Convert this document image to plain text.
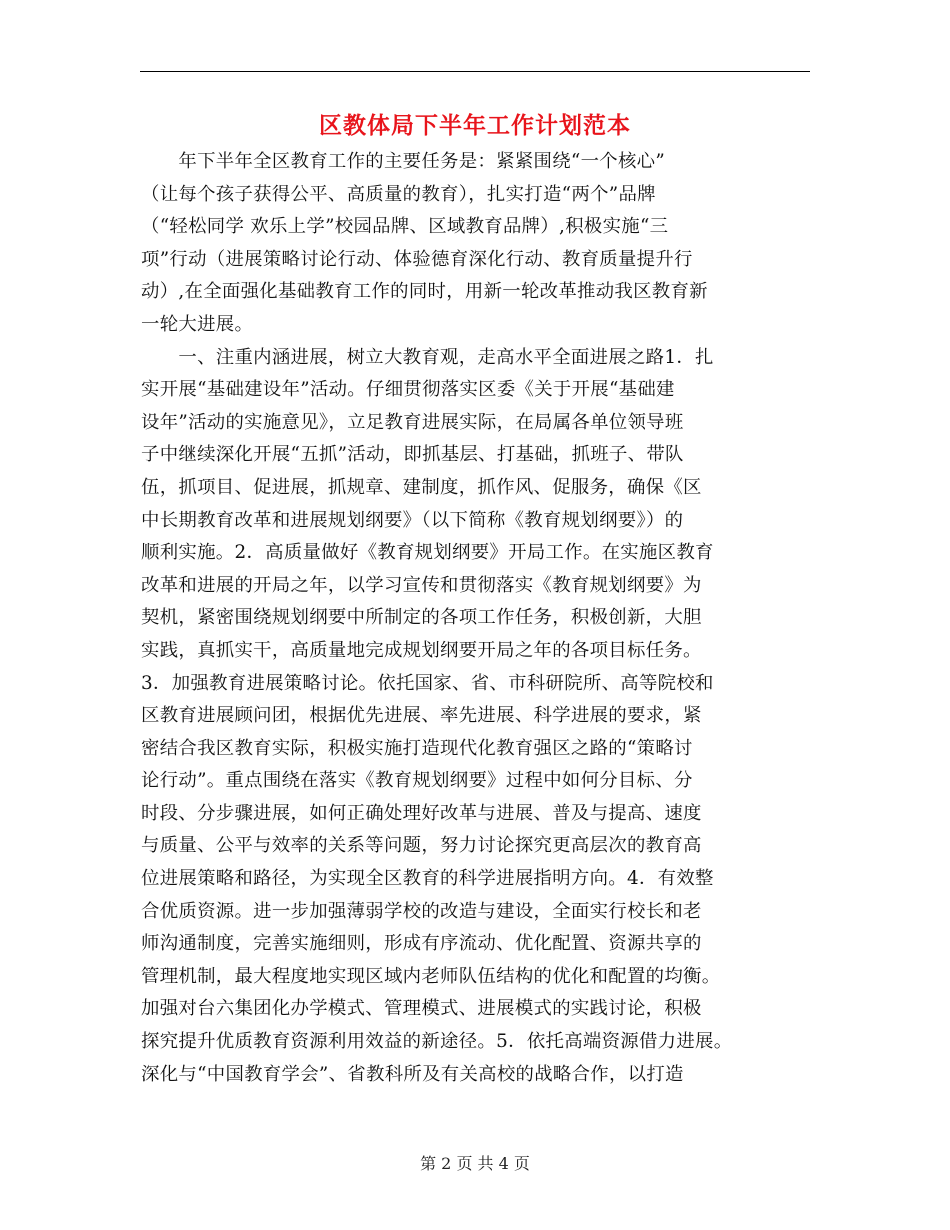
区教体局下半年工作计划范本
　　年下半年全区教育工作的主要任务是：紧紧围绕“一个核心”
（让每个孩子获得公平、高质量的教育），扎实打造“两个”品牌
（“轻松同学 欢乐上学”校园品牌、区域教育品牌）,积极实施“三
项”行动（进展策略讨论行动、体验德育深化行动、教育质量提升行
动）,在全面强化基础教育工作的同时，用新一轮改革推动我区教育新
一轮大进展。
　　一、注重内涵进展，树立大教育观，走高水平全面进展之路1．扎
实开展“基础建设年”活动。仔细贯彻落实区委《关于开展“基础建
设年”活动的实施意见》，立足教育进展实际，在局属各单位领导班
子中继续深化开展“五抓”活动，即抓基层、打基础，抓班子、带队
伍，抓项目、促进展，抓规章、建制度，抓作风、促服务，确保《区
中长期教育改革和进展规划纲要》（以下简称《教育规划纲要》）的
顺利实施。2．高质量做好《教育规划纲要》开局工作。在实施区教育
改革和进展的开局之年，以学习宣传和贯彻落实《教育规划纲要》为
契机，紧密围绕规划纲要中所制定的各项工作任务，积极创新，大胆
实践，真抓实干，高质量地完成规划纲要开局之年的各项目标任务。
3．加强教育进展策略讨论。依托国家、省、市科研院所、高等院校和
区教育进展顾问团，根据优先进展、率先进展、科学进展的要求，紧
密结合我区教育实际，积极实施打造现代化教育强区之路的“策略讨
论行动”。重点围绕在落实《教育规划纲要》过程中如何分目标、分
时段、分步骤进展，如何正确处理好改革与进展、普及与提高、速度
与质量、公平与效率的关系等问题，努力讨论探究更高层次的教育高
位进展策略和路径，为实现全区教育的科学进展指明方向。4．有效整
合优质资源。进一步加强薄弱学校的改造与建设，全面实行校长和老
师沟通制度，完善实施细则，形成有序流动、优化配置、资源共享的
管理机制，最大程度地实现区域内老师队伍结构的优化和配置的均衡。
加强对台六集团化办学模式、管理模式、进展模式的实践讨论，积极
探究提升优质教育资源利用效益的新途径。5．依托高端资源借力进展。
深化与“中国教育学会”、省教科所及有关高校的战略合作，以打造
第 2 页 共 4 页
